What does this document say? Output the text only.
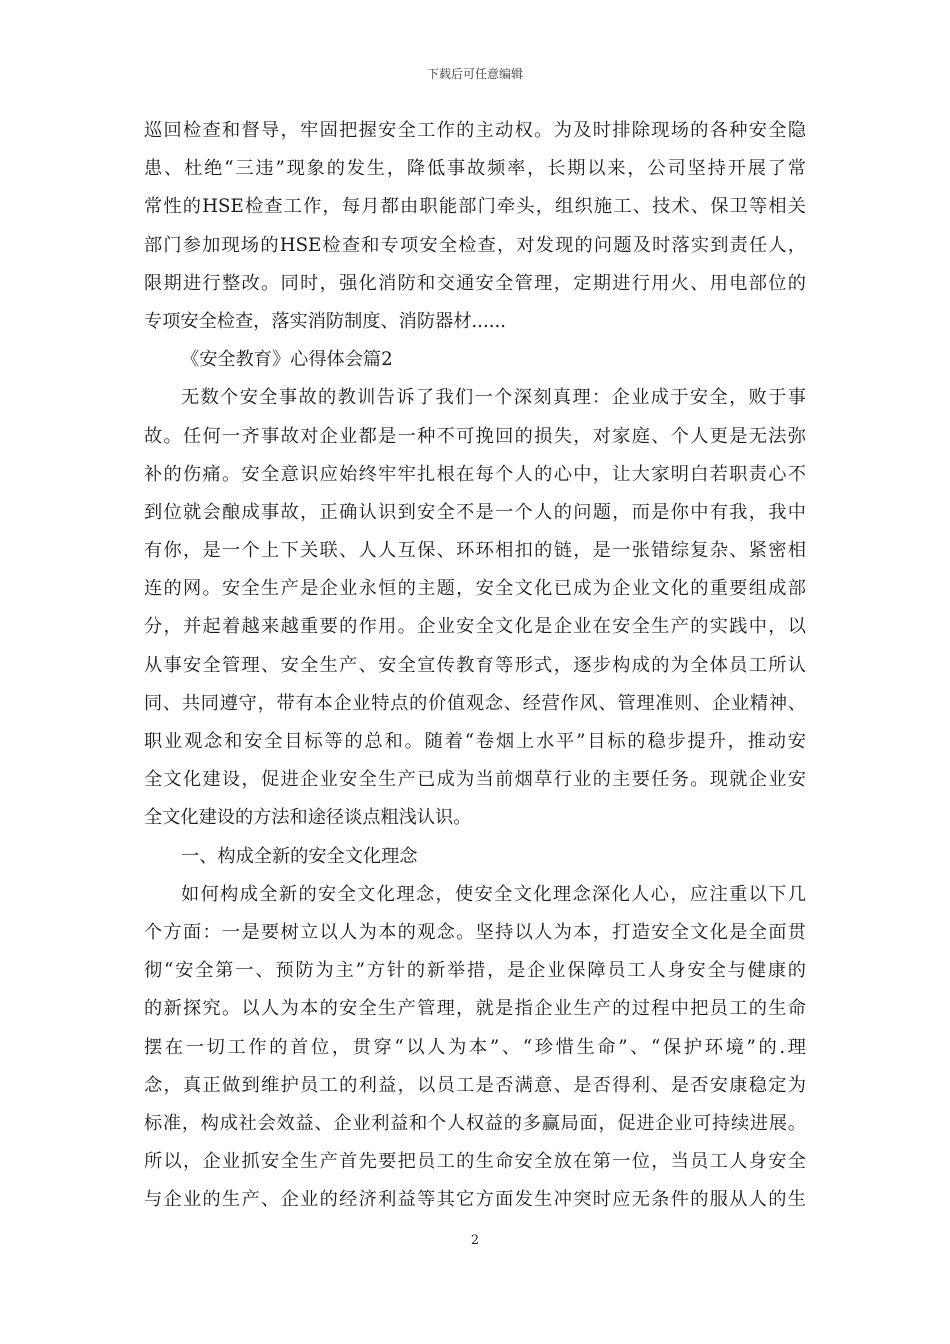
下载后可任意编辑
巡回检查和督导，牢固把握安全工作的主动权。为及时排除现场的各种安全隐
患、杜绝“三违”现象的发生，降低事故频率，长期以来，公司坚持开展了常
常性的HSE检查工作，每月都由职能部门牵头，组织施工、技术、保卫等相关
部门参加现场的HSE检查和专项安全检查，对发现的问题及时落实到责任人，
限期进行整改。同时，强化消防和交通安全管理，定期进行用火、用电部位的
专项安全检查，落实消防制度、消防器材......
《安全教育》心得体会篇2
无数个安全事故的教训告诉了我们一个深刻真理：企业成于安全，败于事
故。任何一齐事故对企业都是一种不可挽回的损失，对家庭、个人更是无法弥
补的伤痛。安全意识应始终牢牢扎根在每个人的心中，让大家明白若职责心不
到位就会酿成事故，正确认识到安全不是一个人的问题，而是你中有我，我中
有你，是一个上下关联、人人互保、环环相扣的链，是一张错综复杂、紧密相
连的网。安全生产是企业永恒的主题，安全文化已成为企业文化的重要组成部
分，并起着越来越重要的作用。企业安全文化是企业在安全生产的实践中，以
从事安全管理、安全生产、安全宣传教育等形式，逐步构成的为全体员工所认
同、共同遵守，带有本企业特点的价值观念、经营作风、管理准则、企业精神、
职业观念和安全目标等的总和。随着“卷烟上水平”目标的稳步提升，推动安
全文化建设，促进企业安全生产已成为当前烟草行业的主要任务。现就企业安
全文化建设的方法和途径谈点粗浅认识。
一、构成全新的安全文化理念
如何构成全新的安全文化理念，使安全文化理念深化人心，应注重以下几
个方面：一是要树立以人为本的观念。坚持以人为本，打造安全文化是全面贯
彻“安全第一、预防为主”方针的新举措，是企业保障员工人身安全与健康的
的新探究。以人为本的安全生产管理，就是指企业生产的过程中把员工的生命
摆在一切工作的首位，贯穿“以人为本”、“珍惜生命”、“保护环境”的.理
念，真正做到维护员工的利益，以员工是否满意、是否得利、是否安康稳定为
标准，构成社会效益、企业利益和个人权益的多赢局面，促进企业可持续进展。
所以，企业抓安全生产首先要把员工的生命安全放在第一位，当员工人身安全
与企业的生产、企业的经济利益等其它方面发生冲突时应无条件的服从人的生
2
